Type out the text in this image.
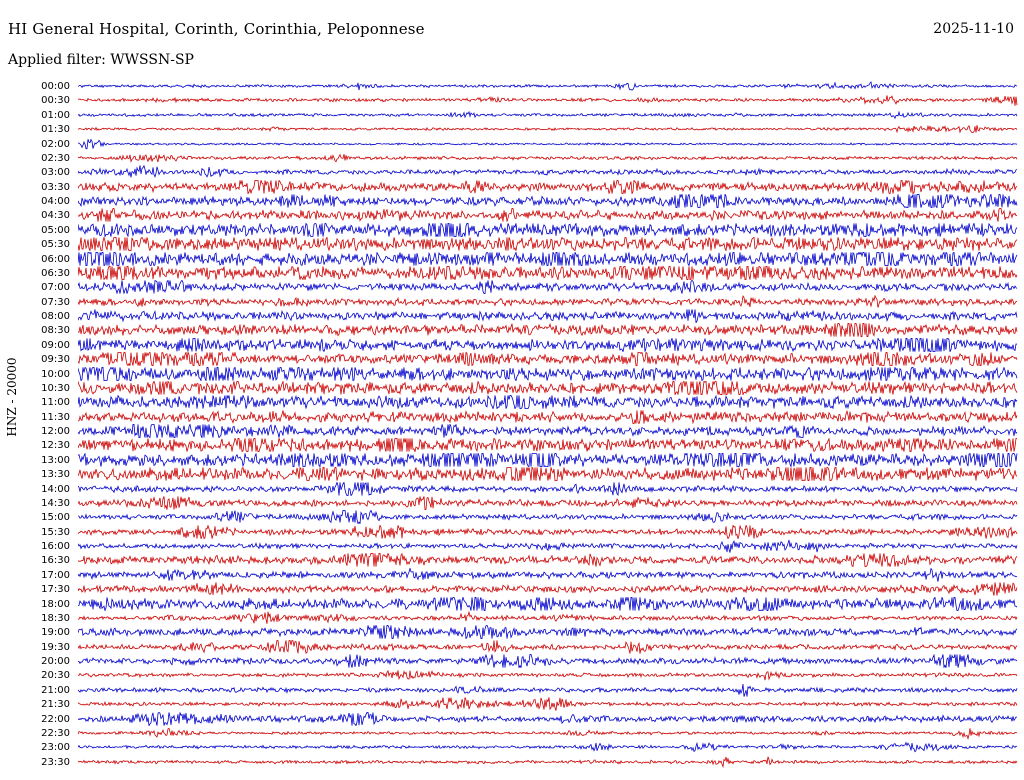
HI General Hospital, Corinth, Corinthia, Peloponnese	2025-11-10
Applied filter: WWSSN-SP
HNZ - 20000
00:00
00:30
01:00
01:30
02:00
02:30
03:00
03:30
04:00
04:30
05:00
05:30
06:00
06:30
07:00
07:30
08:00
08:30
09:00
09:30
10:00
10:30
11:00
11:30
12:00
12:30
13:00
13:30
14:00
14:30
15:00
15:30
16:00
16:30
17:00
17:30
18:00
18:30
19:00
19:30
20:00
20:30
21:00
21:30
22:00
22:30
23:00
23:30
